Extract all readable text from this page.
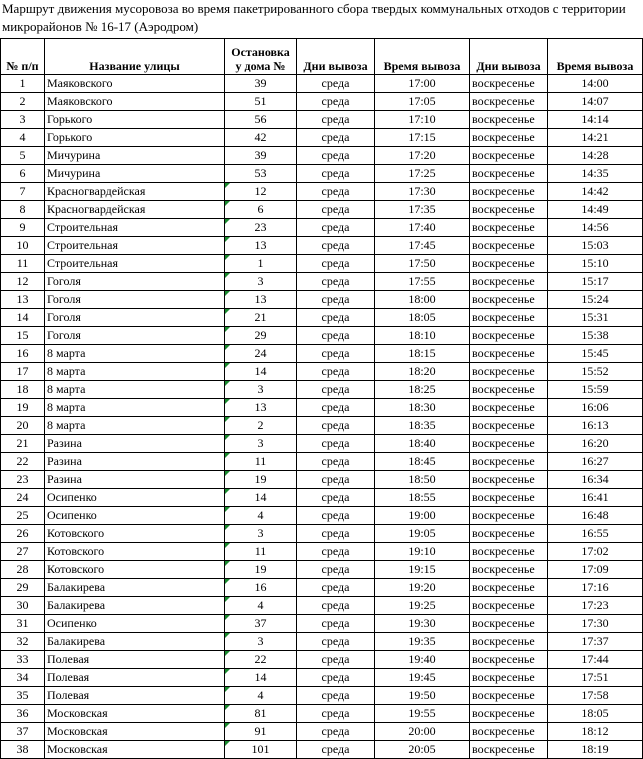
Маршрут движения мусоровоза во время пакетрированного сбора твердых коммунальных отходов с территории микрорайонов № 16-17 (Аэродром)
№ п/п	Название улицы	Остановка у дома №	Дни вывоза	Время вывоза	Дни вывоза	Время вывоза
1	Маяковского	39	среда	17:00	воскресенье	14:00
2	Маяковского	51	среда	17:05	воскресенье	14:07
3	Горького	56	среда	17:10	воскресенье	14:14
4	Горького	42	среда	17:15	воскресенье	14:21
5	Мичурина	39	среда	17:20	воскресенье	14:28
6	Мичурина	53	среда	17:25	воскресенье	14:35
7	Красногвардейская	12	среда	17:30	воскресенье	14:42
8	Красногвардейская	6	среда	17:35	воскресенье	14:49
9	Строительная	23	среда	17:40	воскресенье	14:56
10	Строительная	13	среда	17:45	воскресенье	15:03
11	Строительная	1	среда	17:50	воскресенье	15:10
12	Гоголя	3	среда	17:55	воскресенье	15:17
13	Гоголя	13	среда	18:00	воскресенье	15:24
14	Гоголя	21	среда	18:05	воскресенье	15:31
15	Гоголя	29	среда	18:10	воскресенье	15:38
16	8 марта	24	среда	18:15	воскресенье	15:45
17	8 марта	14	среда	18:20	воскресенье	15:52
18	8 марта	3	среда	18:25	воскресенье	15:59
19	8 марта	13	среда	18:30	воскресенье	16:06
20	8 марта	2	среда	18:35	воскресенье	16:13
21	Разина	3	среда	18:40	воскресенье	16:20
22	Разина	11	среда	18:45	воскресенье	16:27
23	Разина	19	среда	18:50	воскресенье	16:34
24	Осипенко	14	среда	18:55	воскресенье	16:41
25	Осипенко	4	среда	19:00	воскресенье	16:48
26	Котовского	3	среда	19:05	воскресенье	16:55
27	Котовского	11	среда	19:10	воскресенье	17:02
28	Котовского	19	среда	19:15	воскресенье	17:09
29	Балакирева	16	среда	19:20	воскресенье	17:16
30	Балакирева	4	среда	19:25	воскресенье	17:23
31	Осипенко	37	среда	19:30	воскресенье	17:30
32	Балакирева	3	среда	19:35	воскресенье	17:37
33	Полевая	22	среда	19:40	воскресенье	17:44
34	Полевая	14	среда	19:45	воскресенье	17:51
35	Полевая	4	среда	19:50	воскресенье	17:58
36	Московская	81	среда	19:55	воскресенье	18:05
37	Московская	91	среда	20:00	воскресенье	18:12
38	Московская	101	среда	20:05	воскресенье	18:19
